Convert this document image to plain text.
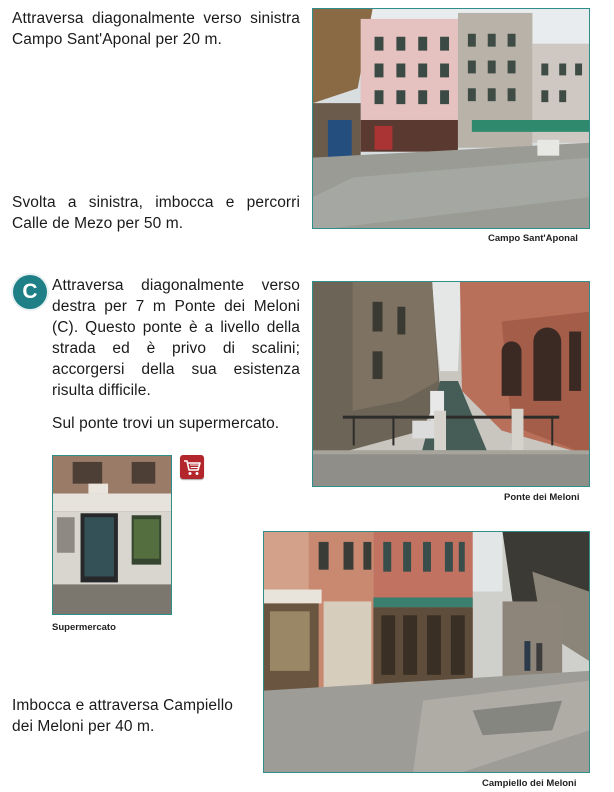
Attraversa diagonalmente verso sinistra Campo Sant'Aponal per 20 m.
Campo Sant'Aponal
Svolta a sinistra, imbocca e percorri Calle de Mezo per 50 m.
C Attraversa diagonalmente verso destra per 7 m Ponte dei Meloni (C). Questo ponte è a livello della strada ed è privo di scalini; accorgersi della sua esistenza risulta difficile.
Sul ponte trovi un supermercato.
Ponte dei Meloni
Supermercato
Campiello dei Meloni
Imbocca e attraversa Campiello dei Meloni per 40 m.
